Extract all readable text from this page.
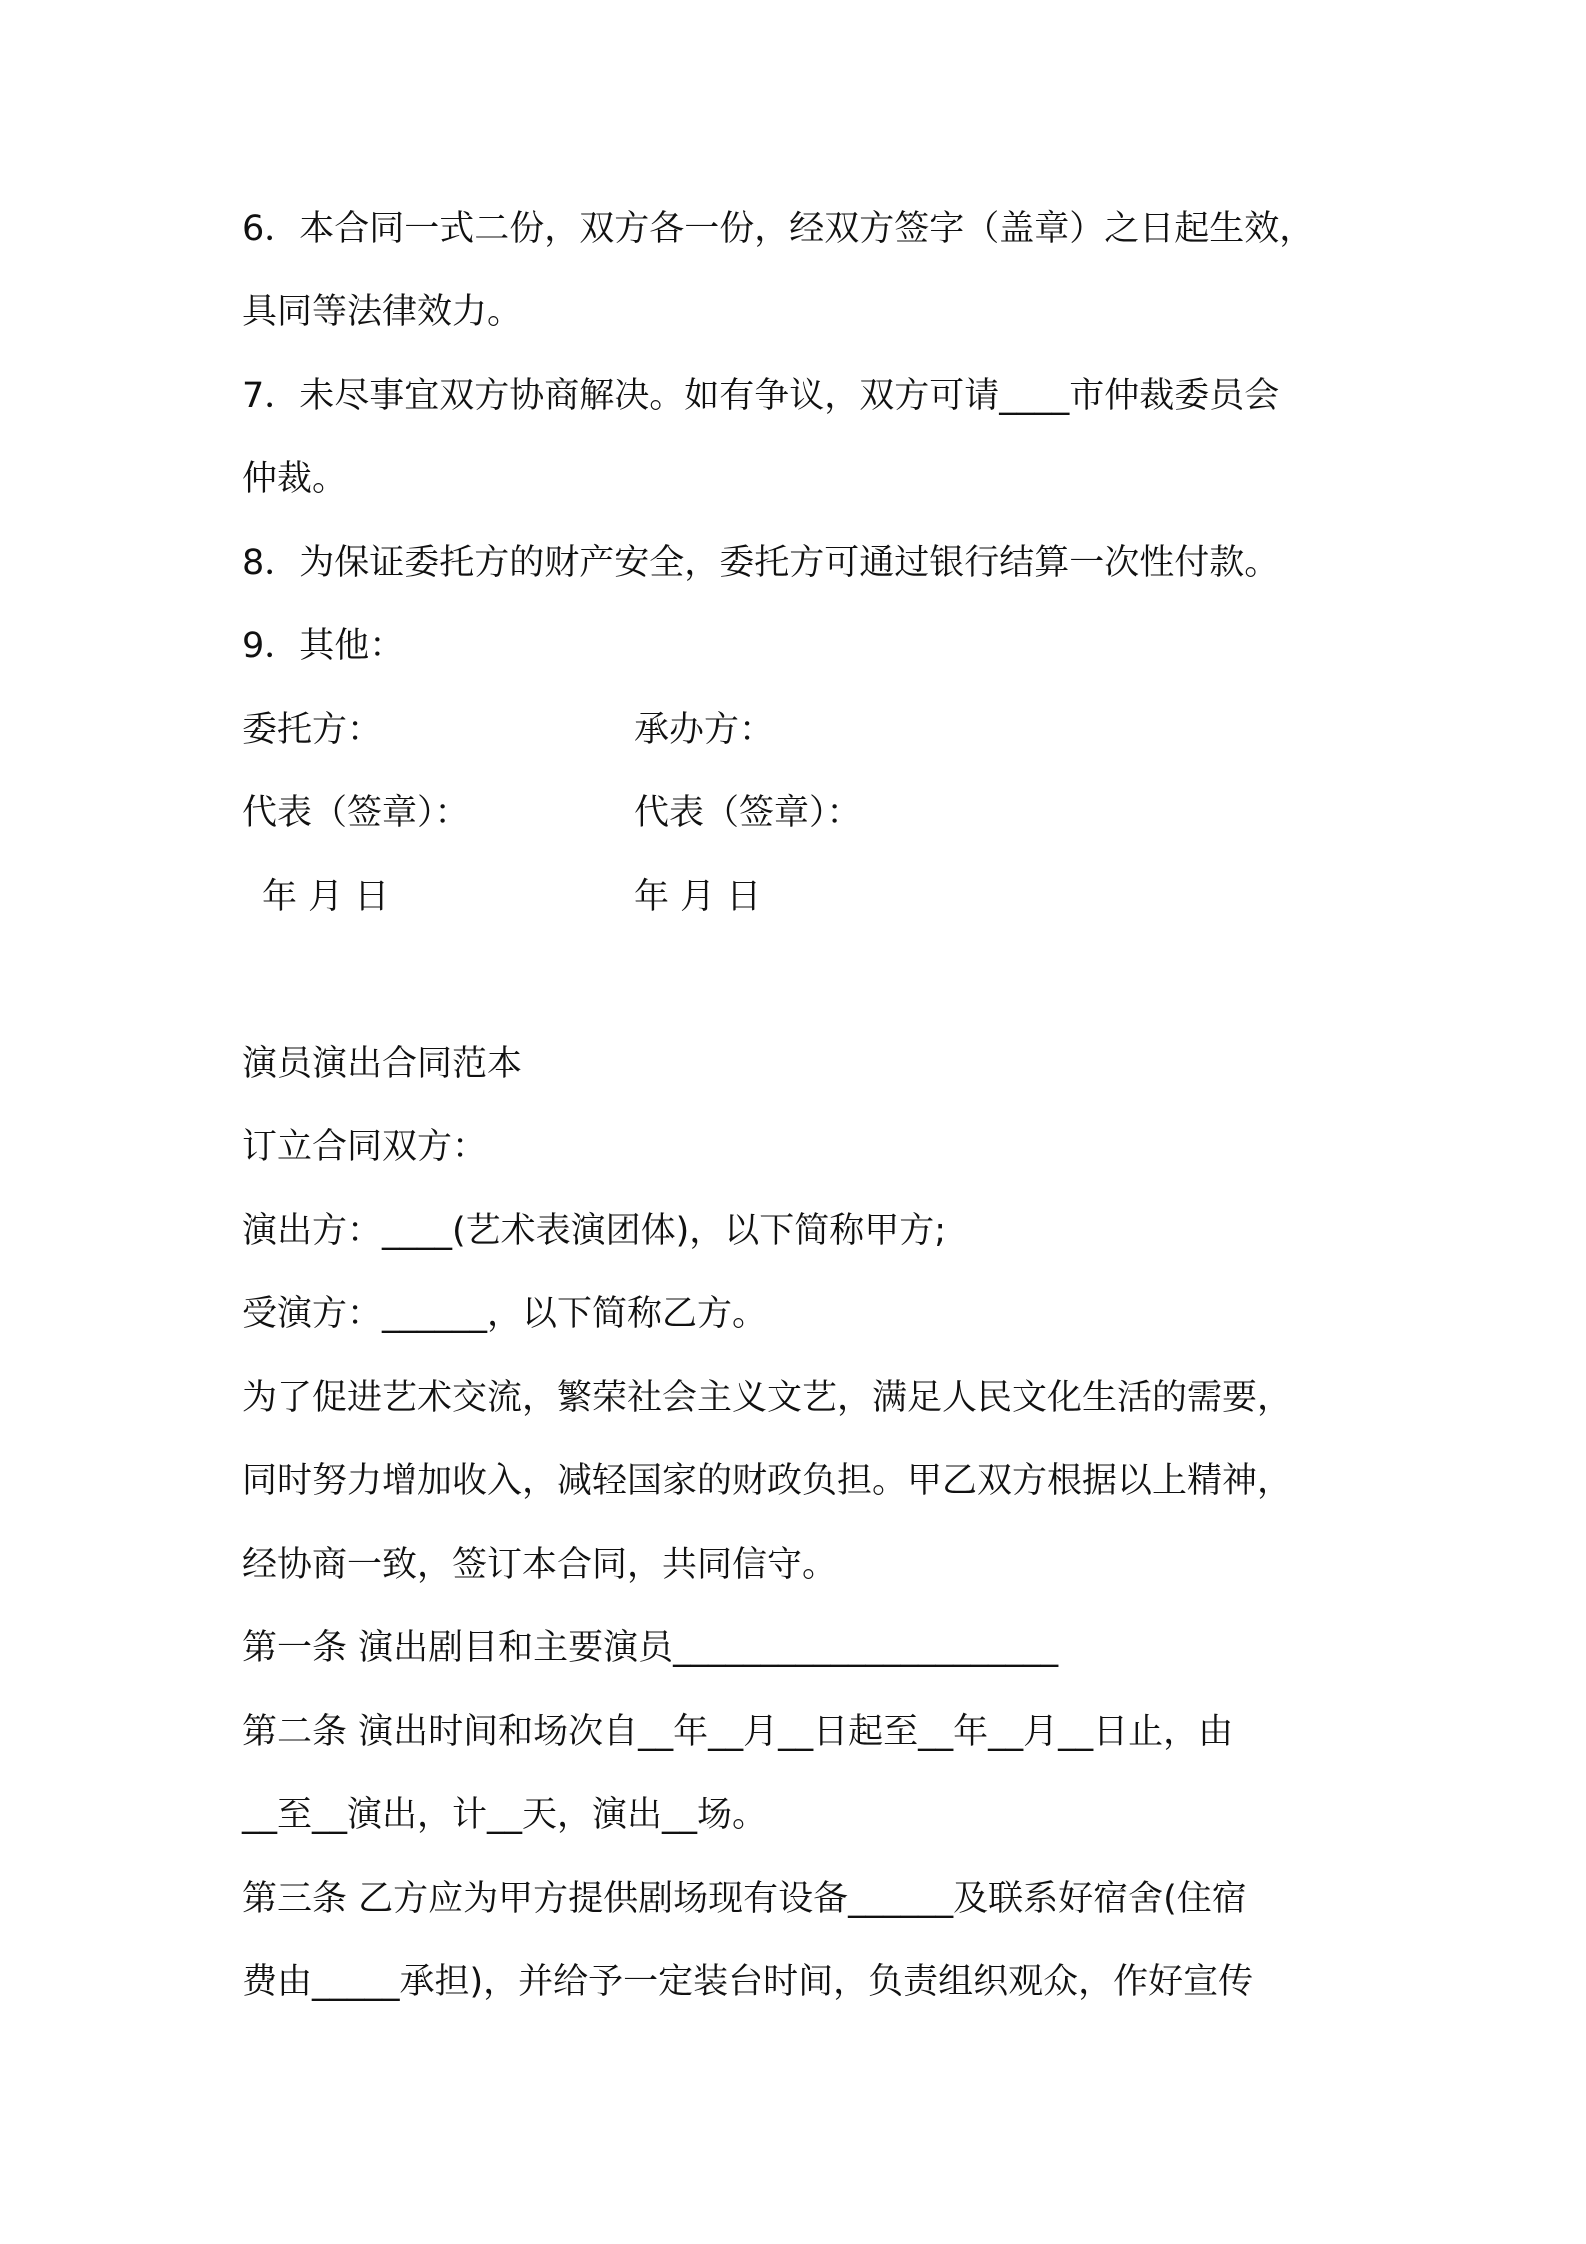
6．本合同一式二份，双方各一份，经双方签字（盖章）之日起生效，

具同等法律效力。

7．未尽事宜双方协商解决。如有争议，双方可请____市仲裁委员会

仲裁。

8．为保证委托方的财产安全，委托方可通过银行结算一次性付款。

9．其他：

委托方：	承办方：

代表（签章）：	代表（签章）：

年 月 日	年 月 日

演员演出合同范本

订立合同双方：

演出方：____(艺术表演团体)，以下简称甲方;

受演方：______，以下简称乙方。

为了促进艺术交流，繁荣社会主义文艺，满足人民文化生活的需要，

同时努力增加收入，减轻国家的财政负担。甲乙双方根据以上精神，

经协商一致，签订本合同，共同信守。

第一条 演出剧目和主要演员______________________

第二条 演出时间和场次自__年__月__日起至__年__月__日止，由

__至__演出，计__天，演出__场。

第三条 乙方应为甲方提供剧场现有设备______及联系好宿舍(住宿

费由_____承担)，并给予一定装台时间，负责组织观众，作好宣传
